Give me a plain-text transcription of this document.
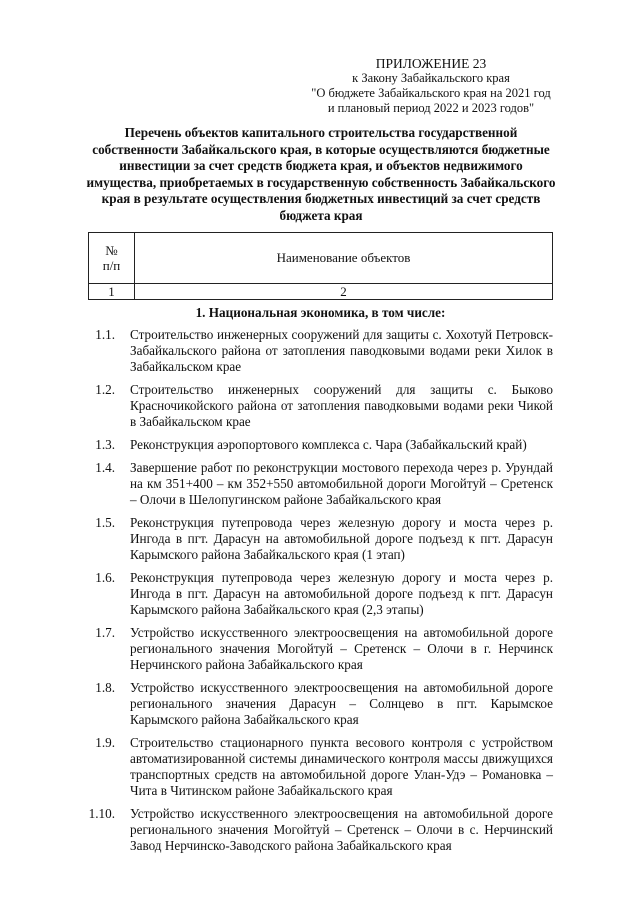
ПРИЛОЖЕНИЕ 23
к Закону Забайкальского края
"О бюджете Забайкальского края на 2021 год
и плановый период 2022 и 2023 годов"
Перечень объектов капитального строительства государственной собственности Забайкальского края, в которые осуществляются бюджетные инвестиции за счет средств бюджета края, и объектов недвижимого имущества, приобретаемых в государственную собственность Забайкальского края в результате осуществления бюджетных инвестиций за счет средств бюджета края
№
п/п	Наименование объектов
1	2
1. Национальная экономика, в том числе:
1.1. Строительство инженерных сооружений для защиты с. Хохотуй Петровск-Забайкальского района от затопления паводковыми водами реки Хилок в Забайкальском крае
1.2. Строительство инженерных сооружений для защиты с. Быково Красночикойского района от затопления паводковыми водами реки Чикой в Забайкальском крае
1.3. Реконструкция аэропортового комплекса с. Чара (Забайкальский край)
1.4. Завершение работ по реконструкции мостового перехода через р. Урундай на км 351+400 – км 352+550 автомобильной дороги Могойтуй – Сретенск – Олочи в Шелопугинском районе Забайкальского края
1.5. Реконструкция путепровода через железную дорогу и моста через р. Ингода в пгт. Дарасун на автомобильной дороге подъезд к пгт. Дарасун Карымского района Забайкальского края (1 этап)
1.6. Реконструкция путепровода через железную дорогу и моста через р. Ингода в пгт. Дарасун на автомобильной дороге подъезд к пгт. Дарасун Карымского района Забайкальского края (2,3 этапы)
1.7. Устройство искусственного электроосвещения на автомобильной дороге регионального значения Могойтуй – Сретенск – Олочи в г. Нерчинск Нерчинского района Забайкальского края
1.8. Устройство искусственного электроосвещения на автомобильной дороге регионального значения Дарасун – Солнцево в пгт. Карымское Карымского района Забайкальского края
1.9. Строительство стационарного пункта весового контроля с устройством автоматизированной системы динамического контроля массы движущихся транспортных средств на автомобильной дороге Улан-Удэ – Романовка – Чита в Читинском районе Забайкальского края
1.10. Устройство искусственного электроосвещения на автомобильной дороге регионального значения Могойтуй – Сретенск – Олочи в с. Нерчинский Завод Нерчинско-Заводского района Забайкальского края
